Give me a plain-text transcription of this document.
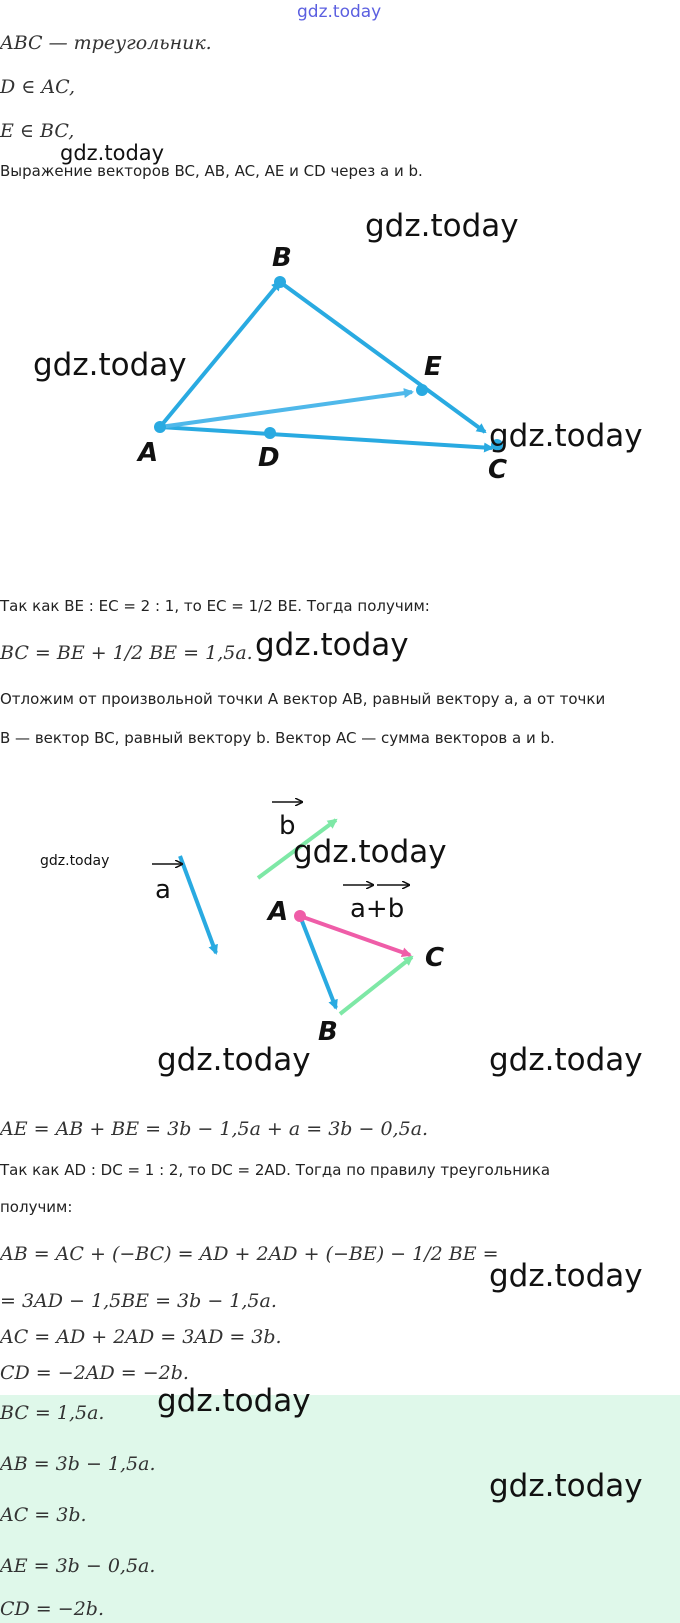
gdz.today
ABC — треугольник.
D ∈ AC,
E ∈ BC,
gdz.today
Выражение векторов BC, AB, AC, AE и CD через a и b.
B
E
A	D	C
gdz.today
gdz.today
gdz.today
Так как BE : EC = 2 : 1, то EC = 1/2 BE. Тогда получим:
BC = BE + 1/2 BE = 1,5a. gdz.today
Отложим от произвольной точки A вектор AB, равный вектору a, а от точки
B — вектор BC, равный вектору b. Вектор AC — сумма векторов a и b.
a
b
a+b
A
C
B
gdz.today	gdz.today
gdz.today	gdz.today
AE = AB + BE = 3b − 1,5a + a = 3b − 0,5a.
Так как AD : DC = 1 : 2, то DC = 2AD. Тогда по правилу треугольника
получим:
AB = AC + (−BC) = AD + 2AD + (−BE) − 1/2 BE =
= 3AD − 1,5BE = 3b − 1,5a.
AC = AD + 2AD = 3AD = 3b.
CD = −2AD = −2b.
gdz.today
gdz.today
BC = 1,5a.
AB = 3b − 1,5a.
AC = 3b.
AE = 3b − 0,5a.
CD = −2b.
gdz.today
